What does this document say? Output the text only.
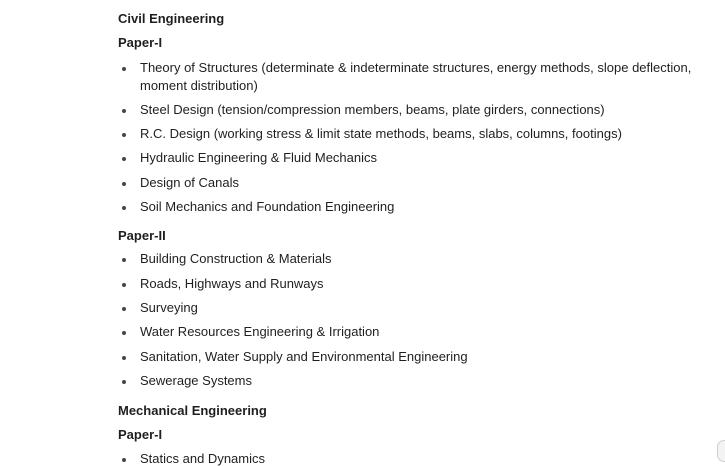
Civil Engineering
Paper-I
Theory of Structures (determinate & indeterminate structures, energy methods, slope deflection, moment distribution)
Steel Design (tension/compression members, beams, plate girders, connections)
R.C. Design (working stress & limit state methods, beams, slabs, columns, footings)
Hydraulic Engineering & Fluid Mechanics
Design of Canals
Soil Mechanics and Foundation Engineering
Paper-II
Building Construction & Materials
Roads, Highways and Runways
Surveying
Water Resources Engineering & Irrigation
Sanitation, Water Supply and Environmental Engineering
Sewerage Systems
Mechanical Engineering
Paper-I
Statics and Dynamics
